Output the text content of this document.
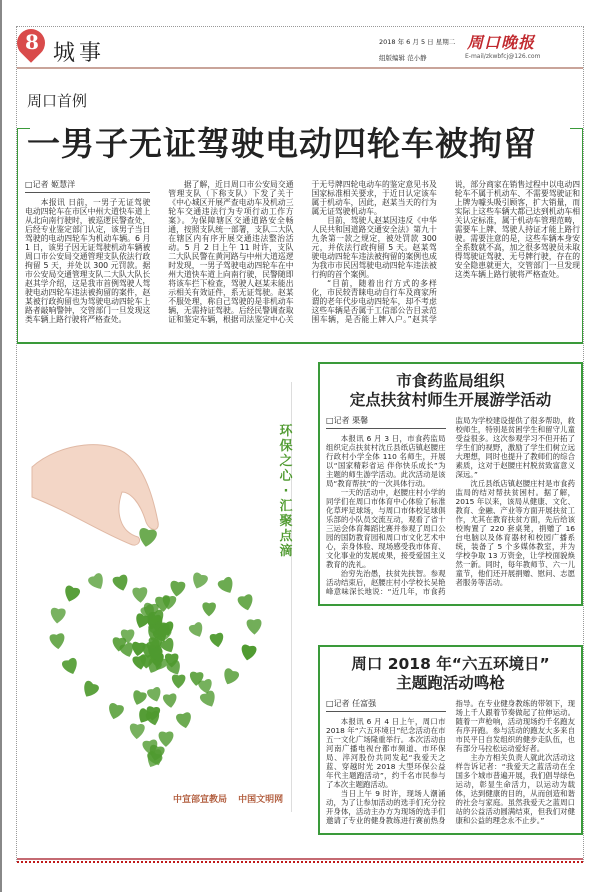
8 城事	2018 年 6 月 5 日 星期二
组版编辑 范小静	E-mail/zkwbfcj@126.com
周口晚报
周口首例
一男子无证驾驶电动四轮车被拘留
□记者 姬慧洋

本报讯 日前，一男子无证驾驶电动四轮车在市区中州大道快车道上从北向南行驶时，被巡逻民警查处，后经专业鉴定部门认定，该男子当日驾驶的电动四轮车为机动车辆。6 月 1 日，该男子因无证驾驶机动车辆被周口市公安局交通管理支队依法行政拘留 5 天，并处以 300 元罚款。据市公安局交通管理支队二大队大队长赵其学介绍，这是我市首例驾驶人驾驶电动四轮车违法被拘留的案件，赵某被行政拘留也为驾驶电动四轮车上路者敲响警钟，交管部门一旦发现这类车辆上路行驶将严格查处。

据了解，近日周口市公安局交通管理支队（下称支队）下发了关于《中心城区开展严查电动车及机动三轮车交通违法行为专项行动工作方案》。为保障辖区交通道路安全畅通，按照支队统一部署，支队二大队在辖区内有序开展交通违法整治活动。5 月 2 日上午 11 时许，支队二大队民警在黄河路与中州大道巡逻时发现，一男子驾驶电动四轮车在中州大道快车道上向南行驶，民警随即将该车拦下检查，驾驶人赵某未能出示相关有效证件，系无证驾驶。赵某不服处理，称自己驾驶的是非机动车辆，无需持证驾驶。后经民警调查取证和鉴定车辆，根据司法鉴定中心关于无号牌四轮电动车的鉴定意见书及国家标准相关要求，于近日认定该车属于机动车，因此，赵某当天的行为属无证驾驶机动车。

目前，驾驶人赵某因违反《中华人民共和国道路交通安全法》第九十九条第一款之规定，被处罚款 300 元，并依法行政拘留 5 天。赵某驾驶电动四轮车违法被拘留的案例也成为我市市民因驾驶电动四轮车违法被行拘的首个案例。

“目前，随着出行方式的多样化，市民较青睐电动自行车及商家所谓的老年代步电动四轮车，却不考虑这些车辆是否属于工信部公告目录范围车辆，是否能上牌入户。”赵其学说，部分商家在销售过程中以电动四轮车不属于机动车、不需要驾驶证和上牌为噱头吸引顾客，扩大销量，而实际上这些车辆大都已达到机动车相关认定标准，属于机动车管理范畴，需要车上牌、驾驶人持证才能上路行驶。需要注意的是，这些车辆本身安全系数就不高，加之很多驾驶员未取得驾驶证驾驶、无号牌行驶，存在的安全隐患就更大，交管部门一旦发现这类车辆上路行驶将严格查处。

环保之心·汇聚点滴
中宣部宣教局 中国文明网
市食药监局组织
定点扶贫村师生开展游学活动
□记者 栗馨

本报讯 6 月 3 日，市食药监局组织定点扶贫村沈丘县纸店镇赵腰庄行政村小学全体 110 名师生，开展以“国家精彩省运 伴你快乐成长”为主题的师生游学活动。此次活动是该局“教育帮扶”的一次具体行动。

一天的活动中，赵腰庄村小学的同学们在周口市体育中心体验了标准化草坪足球场，与周口市体校足球俱乐部的小队员交流互动，观看了省十三运会体育舞蹈比赛并参观了周口公园的国防教育园和周口市文化艺术中心，亲身体验、现场感受我市体育、文化事业的发展成果，接受爱国主义教育的洗礼。

治穷先治愚，扶贫先扶智。参观活动结束后，赵腰庄村小学校长吴艳峰意味深长地说：“近几年，市食药监局为学校建设提供了很多帮助，救校师生，特别是贫困学生和留守儿童受益很多。这次参观学习不但开拓了学生们的视野，激励了学生们树立远大理想，同时也提升了教师们的综合素质，这对于赵腰庄村脱贫致富意义深远。”

沈丘县纸店镇赵腰庄村是市食药监局的结对帮扶贫困村。据了解，2015 年以来，该局从健康、文化、教育、金融、产业等方面开展扶贫工作，尤其在教育扶贫方面，先后给该校购置了 220 套桌凳，捐赠了 16 台电脑以及体育器材和校园广播系统，装备了 5 个多媒体教室，并为学校争取 13 万资金，让学校面貌焕然一新。同时，每年教师节、六一儿童节，他们还开展捐赠、慰问、志愿者服务等活动。

周口 2018 年“六五环境日”
主题跑活动鸣枪
□记者 任富强

本报讯 6 月 4 日上午，周口市 2018 年“六五环境日”纪念活动在市五一文化广场隆重举行。本次活动由河南广播电视台都市频道、市环保局、淬河股份共同发起“我爱天之蓝、穿越时光 2018 大型环保公益年代主题跑活动”，约千名市民参与了本次主题跑活动。

当日上午 9 时许，现场人潮涌动，为了让参加活动的选手们充分拉开身体，活动主办方为现场的选手们邀请了专业的健身教练进行赛前热身指导。在专业健身教练的带领下，现场上千人跟着节奏做起了拉伸运动。随着一声枪响，活动现场约千名跑友有序开跑。参与活动的跑友大多来自市民平日自发组织的健步走队伍，也有部分马拉松运动爱好者。

主办方相关负责人就此次活动这样告诉记者：“我爱天之蓝活动在全国多个城市普遍开展，我们倡导绿色运动，彰显生命活力，以运动为载体，达到健康的目的，从而创造和谐的社会与家庭。虽然我爱天之蓝周口站的公益活动圆满结束，但我们对健康和公益的理念永不止步。”
